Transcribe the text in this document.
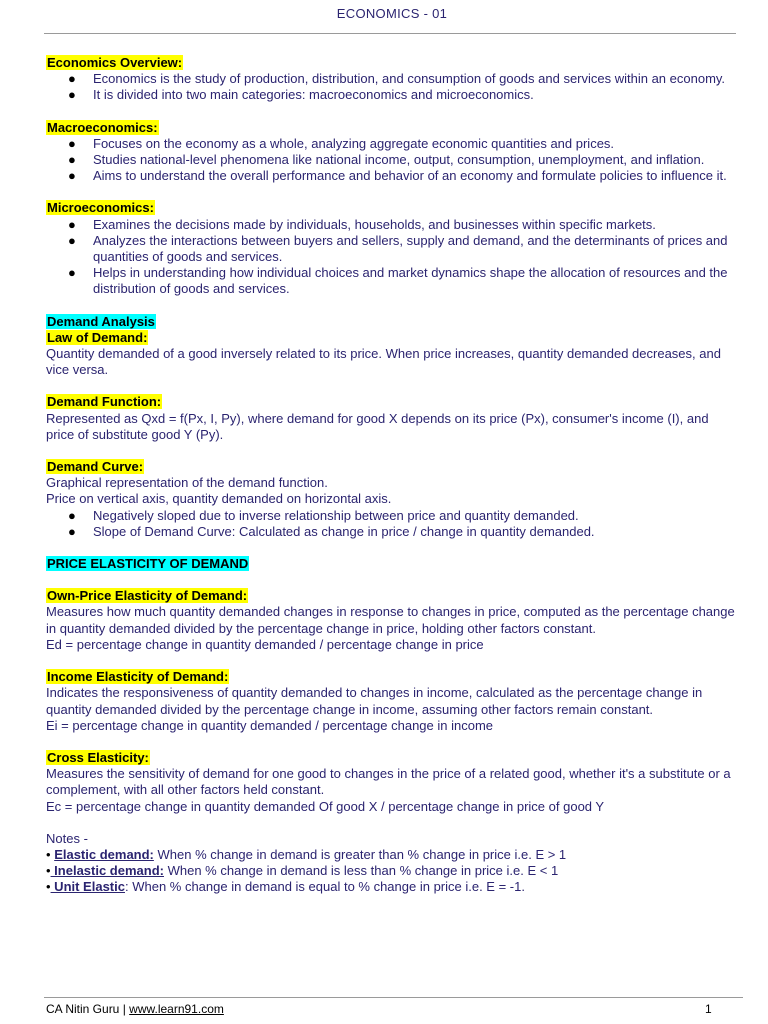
ECONOMICS - 01
Economics Overview:
● Economics is the study of production, distribution, and consumption of goods and services within an economy.
● It is divided into two main categories: macroeconomics and microeconomics.
Macroeconomics:
● Focuses on the economy as a whole, analyzing aggregate economic quantities and prices.
● Studies national-level phenomena like national income, output, consumption, unemployment, and inflation.
● Aims to understand the overall performance and behavior of an economy and formulate policies to influence it.
Microeconomics:
● Examines the decisions made by individuals, households, and businesses within specific markets.
● Analyzes the interactions between buyers and sellers, supply and demand, and the determinants of prices and quantities of goods and services.
● Helps in understanding how individual choices and market dynamics shape the allocation of resources and the distribution of goods and services.
Demand Analysis
Law of Demand:

Quantity demanded of a good inversely related to its price. When price increases, quantity demanded decreases, and vice versa.

Demand Function:

Represented as Qxd = f(Px, I, Py), where demand for good X depends on its price (Px), consumer's income (I), and price of substitute good Y (Py).

Demand Curve:

Graphical representation of the demand function.

Price on vertical axis, quantity demanded on horizontal axis.

● Negatively sloped due to inverse relationship between price and quantity demanded.
● Slope of Demand Curve: Calculated as change in price / change in quantity demanded.
PRICE ELASTICITY OF DEMAND
Own-Price Elasticity of Demand:

Measures how much quantity demanded changes in response to changes in price, computed as the percentage change in quantity demanded divided by the percentage change in price, holding other factors constant.

Ed = percentage change in quantity demanded / percentage change in price

Income Elasticity of Demand:

Indicates the responsiveness of quantity demanded to changes in income, calculated as the percentage change in quantity demanded divided by the percentage change in income, assuming other factors remain constant.

Ei = percentage change in quantity demanded / percentage change in income

Cross Elasticity:

Measures the sensitivity of demand for one good to changes in the price of a related good, whether it's a substitute or a complement, with all other factors held constant.

Ec = percentage change in quantity demanded Of good X / percentage change in price of good Y

Notes -

• Elastic demand: When % change in demand is greater than % change in price i.e. E > 1

• Inelastic demand: When % change in demand is less than % change in price i.e. E < 1

• Unit Elastic: When % change in demand is equal to % change in price i.e. E = -1.

CA Nitin Guru | www.learn91.com	1
